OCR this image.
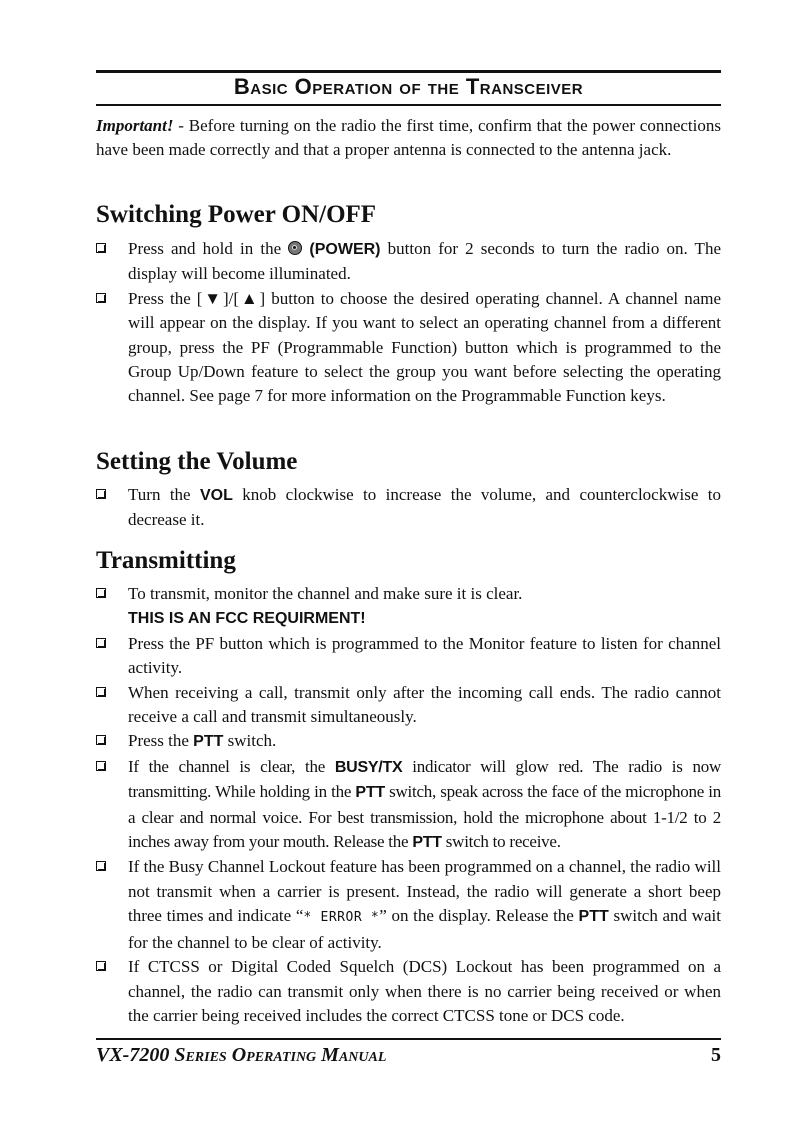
Basic Operation of the Transceiver
Important! - Before turning on the radio the first time, confirm that the power connections have been made correctly and that a proper antenna is connected to the antenna jack.
Switching Power ON/OFF
Press and hold in the  (POWER) button for 2 seconds to turn the radio on. The display will become illuminated.
Press the [▼]/[▲] button to choose the desired operating channel. A channel name will appear on the display. If you want to select an operating channel from a different group, press the PF (Programmable Function) button which is programmed to the Group Up/Down feature to select the group you want before selecting the operating channel. See page 7 for more information on the Programmable Function keys.
Setting the Volume
Turn the VOL knob clockwise to increase the volume, and counterclockwise to decrease it.
Transmitting
To transmit, monitor the channel and make sure it is clear.
THIS IS AN FCC REQUIRMENT!
Press the PF button which is programmed to the Monitor feature to listen for channel activity.
When receiving a call, transmit only after the incoming call ends. The radio cannot receive a call and transmit simultaneously.
Press the PTT switch.
If the channel is clear, the BUSY/TX indicator will glow red. The radio is now transmitting. While holding in the PTT switch, speak across the face of the microphone in a clear and normal voice. For best transmission, hold the microphone about 1-1/2 to 2 inches away from your mouth. Release the PTT switch to receive.
If the Busy Channel Lockout feature has been programmed on a channel, the radio will not transmit when a carrier is present. Instead, the radio will generate a short beep three times and indicate “* ERROR *” on the display. Release the PTT switch and wait for the channel to be clear of activity.
If CTCSS or Digital Coded Squelch (DCS) Lockout has been programmed on a channel, the radio can transmit only when there is no carrier being received or when the carrier being received includes the correct CTCSS tone or DCS code.
VX-7200 Series Operating Manual	5
